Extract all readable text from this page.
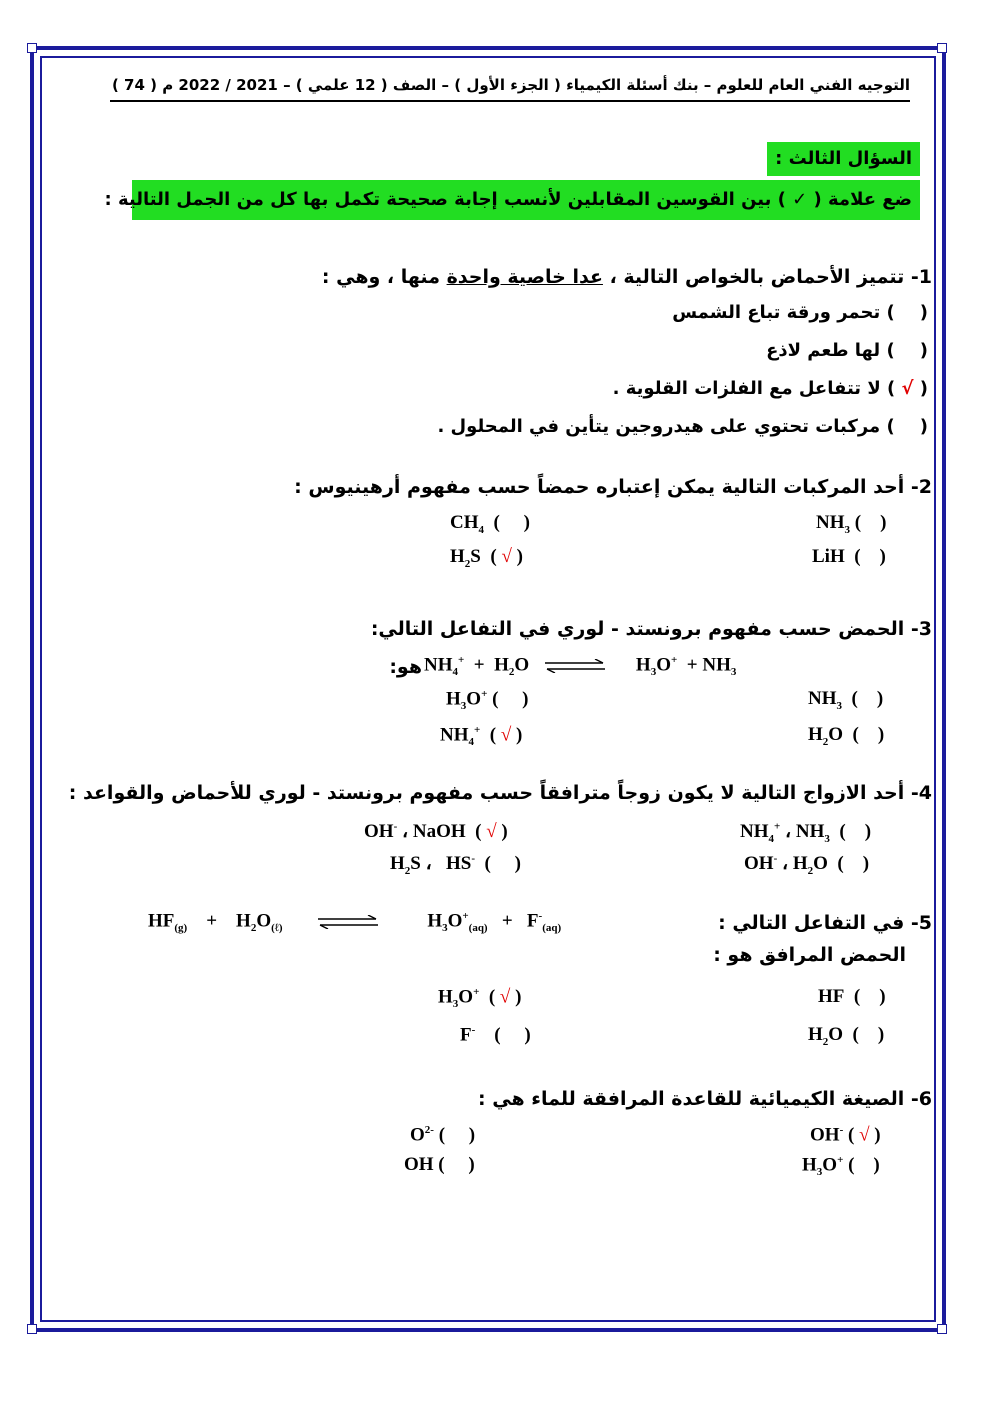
التوجيه الفني العام للعلوم – بنك أسئلة الكيمياء ( الجزء الأول ) – الصف ( 12 علمي ) – 2021 / 2022 م ( 74 )
السؤال الثالث :
ضع علامة ( ✓ ) بين القوسين المقابلين لأنسب إجابة صحيحة تكمل بها كل من الجمل التالية :
1- تتميز الأحماض بالخواص التالية ، عدا خاصية واحدة منها ، وهي :
(    ) تحمر ورقة تباع الشمس
(    ) لها طعم لاذع
( √ ) لا تتفاعل مع الفلزات القلوية .
(    ) مركبات تحتوي على هيدروجين يتأين في المحلول .
2- أحد المركبات التالية يمكن إعتباره حمضاً حسب مفهوم أرهينيوس :
$NH_3$ (    )
$CH_4$  (     )
LiH  (    )
$H_2S$  ( √ )
3- الحمض حسب مفهوم برونستد - لوري في التفاعل التالي:
هو: $NH_4^+ + H_2O$ ⇌ $H_3O^+ + NH_3$
$NH_3$  (    )
$H_3O^+$ (     )
$H_2O$  (    )
$NH_4^+$  ( √ )
4- أحد الازواج التالية لا يكون زوجاً مترافقاً حسب مفهوم برونستد - لوري للأحماض والقواعد :
$NH_4^+$ ، $NH_3$  (    )
OH- ، NaOH  ( √ )
OH- ، $H_2O$  (    )
$H_2S$ ،   HS-  (     )
5- في التفاعل التالي :
$HF_{(g)}$    +    $H_2O_{(\ell)}$ ⇌ $H_3O^+_{(aq)} + F^-_{(aq)}$
الحمض المرافق هو :
HF  (    )
$H_3O^+$  ( √ )
$H_2O$  (    )
F-    (     )
6- الصيغة الكيميائية للقاعدة المرافقة للماء هي :
OH- ( √ )
$O^{2-}$ (     )
$H_3O^+$ (    )
OH (     )
